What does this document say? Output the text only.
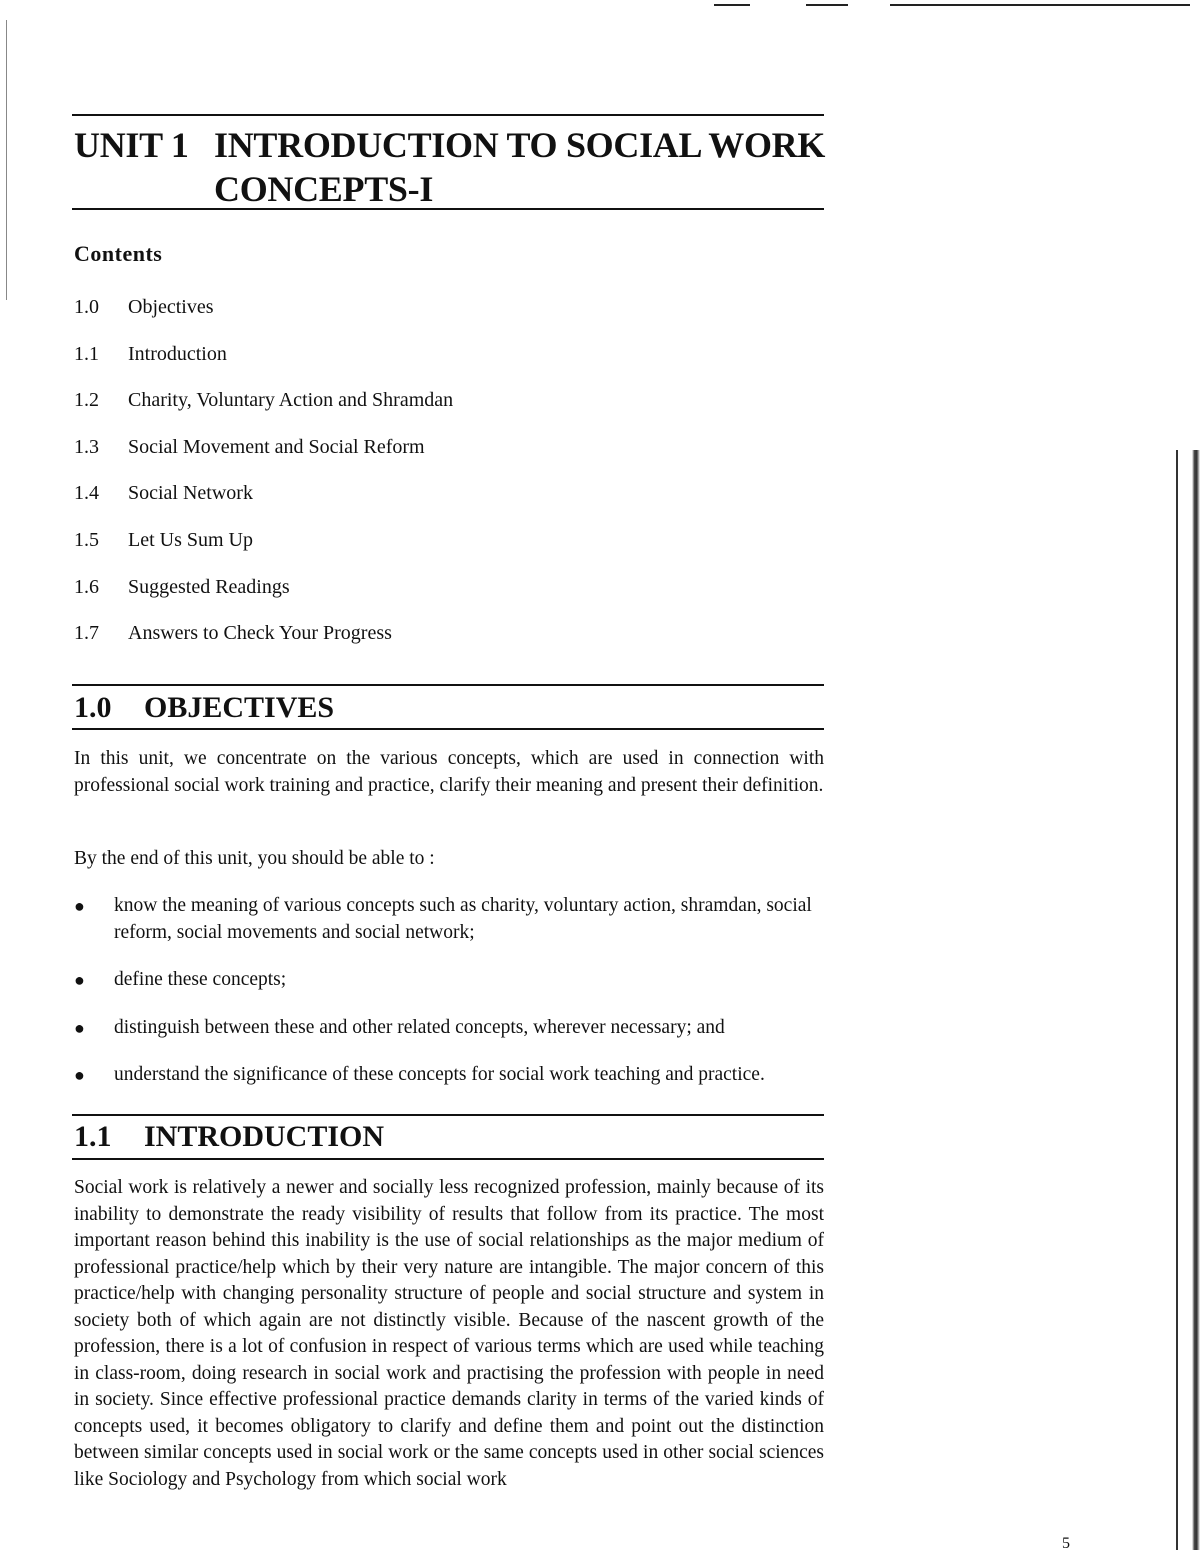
UNIT 1 INTRODUCTION TO SOCIAL WORK CONCEPTS-I
Contents
1.0 Objectives
1.1 Introduction
1.2 Charity, Voluntary Action and Shramdan
1.3 Social Movement and Social Reform
1.4 Social Network
1.5 Let Us Sum Up
1.6 Suggested Readings
1.7 Answers to Check Your Progress
1.0 OBJECTIVES

In this unit, we concentrate on the various concepts, which are used in connection with professional social work training and practice, clarify their meaning and present their definition.

By the end of this unit, you should be able to :

● know the meaning of various concepts such as charity, voluntary action, shramdan, social reform, social movements and social network;
● define these concepts;
● distinguish between these and other related concepts, wherever necessary; and
● understand the significance of these concepts for social work teaching and practice.
1.1 INTRODUCTION

Social work is relatively a newer and socially less recognized profession, mainly because of its inability to demonstrate the ready visibility of results that follow from its practice. The most important reason behind this inability is the use of social relationships as the major medium of professional practice/help which by their very nature are intangible. The major concern of this practice/help with changing personality structure of people and social structure and system in society both of which again are not distinctly visible. Because of the nascent growth of the profession, there is a lot of confusion in respect of various terms which are used while teaching in class-room, doing research in social work and practising the profession with people in need in society. Since effective professional practice demands clarity in terms of the varied kinds of concepts used, it becomes obligatory to clarify and define them and point out the distinction between similar concepts used in social work or the same concepts used in other social sciences like Sociology and Psychology from which social work

5
